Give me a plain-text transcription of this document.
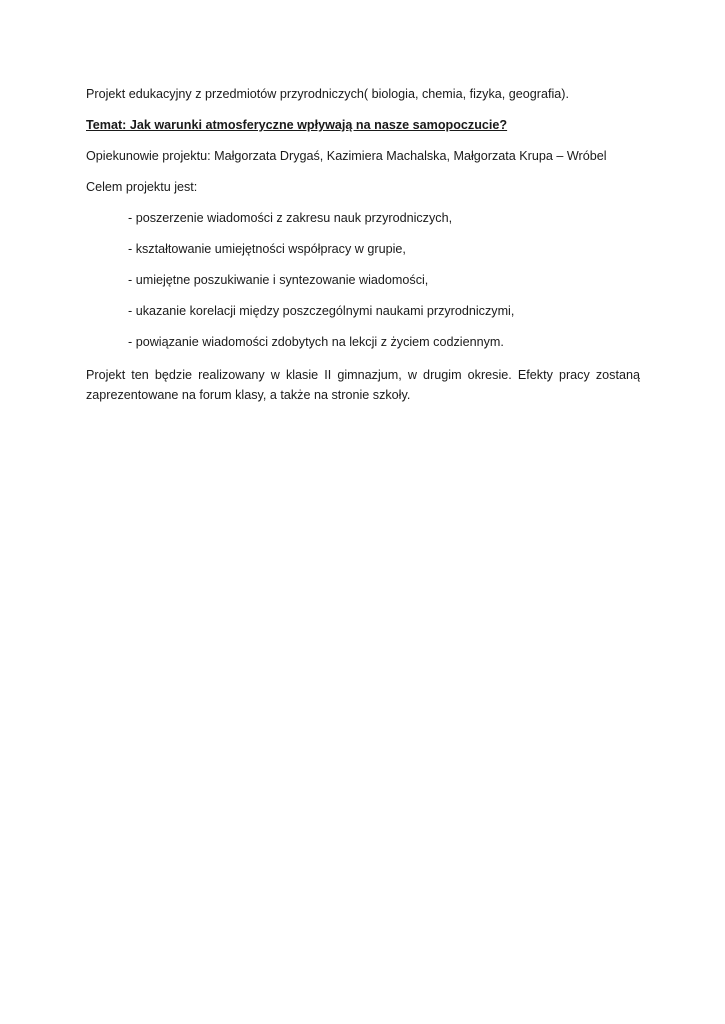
Projekt edukacyjny z przedmiotów przyrodniczych( biologia, chemia, fizyka, geografia).

Temat: Jak warunki atmosferyczne wpływają na nasze samopoczucie?

Opiekunowie projektu: Małgorzata Drygaś, Kazimiera Machalska, Małgorzata Krupa – Wróbel

Celem projektu jest:

- poszerzenie wiadomości z zakresu nauk przyrodniczych,
- kształtowanie umiejętności współpracy w grupie,
- umiejętne poszukiwanie i syntezowanie wiadomości,
- ukazanie korelacji między poszczególnymi naukami przyrodniczymi,
- powiązanie wiadomości zdobytych na lekcji z życiem codziennym.

Projekt ten będzie realizowany w klasie II gimnazjum, w drugim okresie. Efekty pracy zostaną zaprezentowane na forum klasy, a także na stronie szkoły.
